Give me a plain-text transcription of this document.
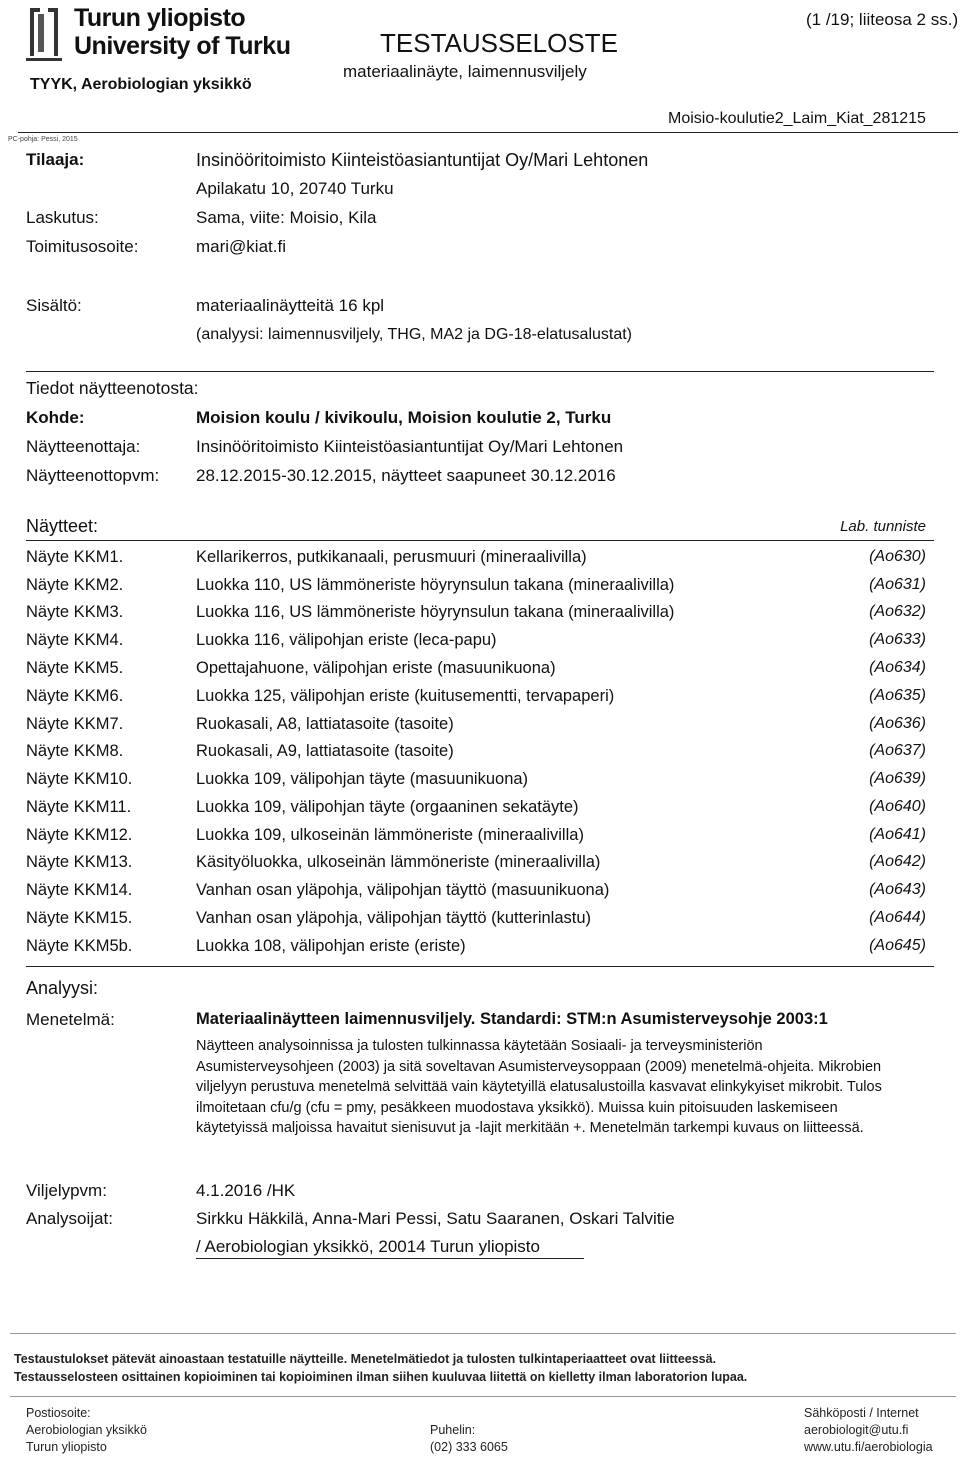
Turun yliopisto
University of Turku
TYYK, Aerobiologian yksikkö
PC-pohja: Pessi, 2015
TESTAUSSELOSTE
materiaalinäyte, laimennusviljely
(1 /19; liiteosa 2 ss.)
Moisio-koulutie2_Laim_Kiat_281215
Tilaaja:	Insinööritoimisto Kiinteistöasiantuntijat Oy/Mari Lehtonen
Apilakatu 10, 20740 Turku
Laskutus:	Sama, viite: Moisio, Kila
Toimitusosoite:	mari@kiat.fi
Sisältö:	materiaalinäytteitä 16 kpl
(analyysi: laimennusviljely, THG, MA2 ja DG-18-elatusalustat)
Tiedot näytteenotosta:
Kohde:	Moision koulu / kivikoulu, Moision koulutie 2, Turku
Näytteenottaja:	Insinööritoimisto Kiinteistöasiantuntijat Oy/Mari Lehtonen
Näytteenottopvm: 28.12.2015-30.12.2015, näytteet saapuneet 30.12.2016
Näytteet:	Lab. tunniste
Näyte KKM1.	Kellarikerros, putkikanaali, perusmuuri (mineraalivilla)	(Ao630)
Näyte KKM2.	Luokka 110, US lämmöneriste höyrynsulun takana (mineraalivilla)	(Ao631)
Näyte KKM3.	Luokka 116, US lämmöneriste höyrynsulun takana (mineraalivilla)	(Ao632)
Näyte KKM4.	Luokka 116, välipohjan eriste (leca-papu)	(Ao633)
Näyte KKM5.	Opettajahuone, välipohjan eriste (masuunikuona)	(Ao634)
Näyte KKM6.	Luokka 125, välipohjan eriste (kuitusementti, tervapaperi)	(Ao635)
Näyte KKM7.	Ruokasali, A8, lattiatasoite (tasoite)	(Ao636)
Näyte KKM8.	Ruokasali, A9, lattiatasoite (tasoite)	(Ao637)
Näyte KKM10.	Luokka 109, välipohjan täyte (masuunikuona)	(Ao639)
Näyte KKM11.	Luokka 109, välipohjan täyte (orgaaninen sekatäyte)	(Ao640)
Näyte KKM12.	Luokka 109, ulkoseinän lämmöneriste (mineraalivilla)	(Ao641)
Näyte KKM13.	Käsityöluokka, ulkoseinän lämmöneriste (mineraalivilla)	(Ao642)
Näyte KKM14.	Vanhan osan yläpohja, välipohjan täyttö (masuunikuona)	(Ao643)
Näyte KKM15.	Vanhan osan yläpohja, välipohjan täyttö (kutterinlastu)	(Ao644)
Näyte KKM5b.	Luokka 108, välipohjan eriste (eriste)	(Ao645)
Analyysi:
Menetelmä:	Materiaalinäytteen laimennusviljely. Standardi: STM:n Asumisterveysohje 2003:1
Näytteen analysoinnissa ja tulosten tulkinnassa käytetään Sosiaali- ja terveysministeriön Asumisterveysohjeen (2003) ja sitä soveltavan Asumisterveysoppaan (2009) menetelmä-ohjeita. Mikrobien viljelyyn perustuva menetelmä selvittää vain käytetyillä elatusalustoilla kasvavat elinkykyiset mikrobit. Tulos ilmoitetaan cfu/g (cfu = pmy, pesäkkeen muodostava yksikkö). Muissa kuin pitoisuuden laskemiseen käytetyissä maljoissa havaitut sienisuvut ja -lajit merkitään +. Menetelmän tarkempi kuvaus on liitteessä.
Viljelypvm:	4.1.2016 /HK
Analysoijat:	Sirkku Häkkilä, Anna-Mari Pessi, Satu Saaranen, Oskari Talvitie
/ Aerobiologian yksikkö, 20014 Turun yliopisto
Testaustulokset pätevät ainoastaan testatuille näytteille. Menetelmätiedot ja tulosten tulkintaperiaatteet ovat liitteessä.
Testausselosteen osittainen kopioiminen tai kopioiminen ilman siihen kuuluvaa liitettä on kielletty ilman laboratorion lupaa.
Postiosoite:
Aerobiologian yksikkö
Turun yliopisto
Puhelin:
(02) 333 6065
Sähköposti / Internet
aerobiologit@utu.fi
www.utu.fi/aerobiologia
